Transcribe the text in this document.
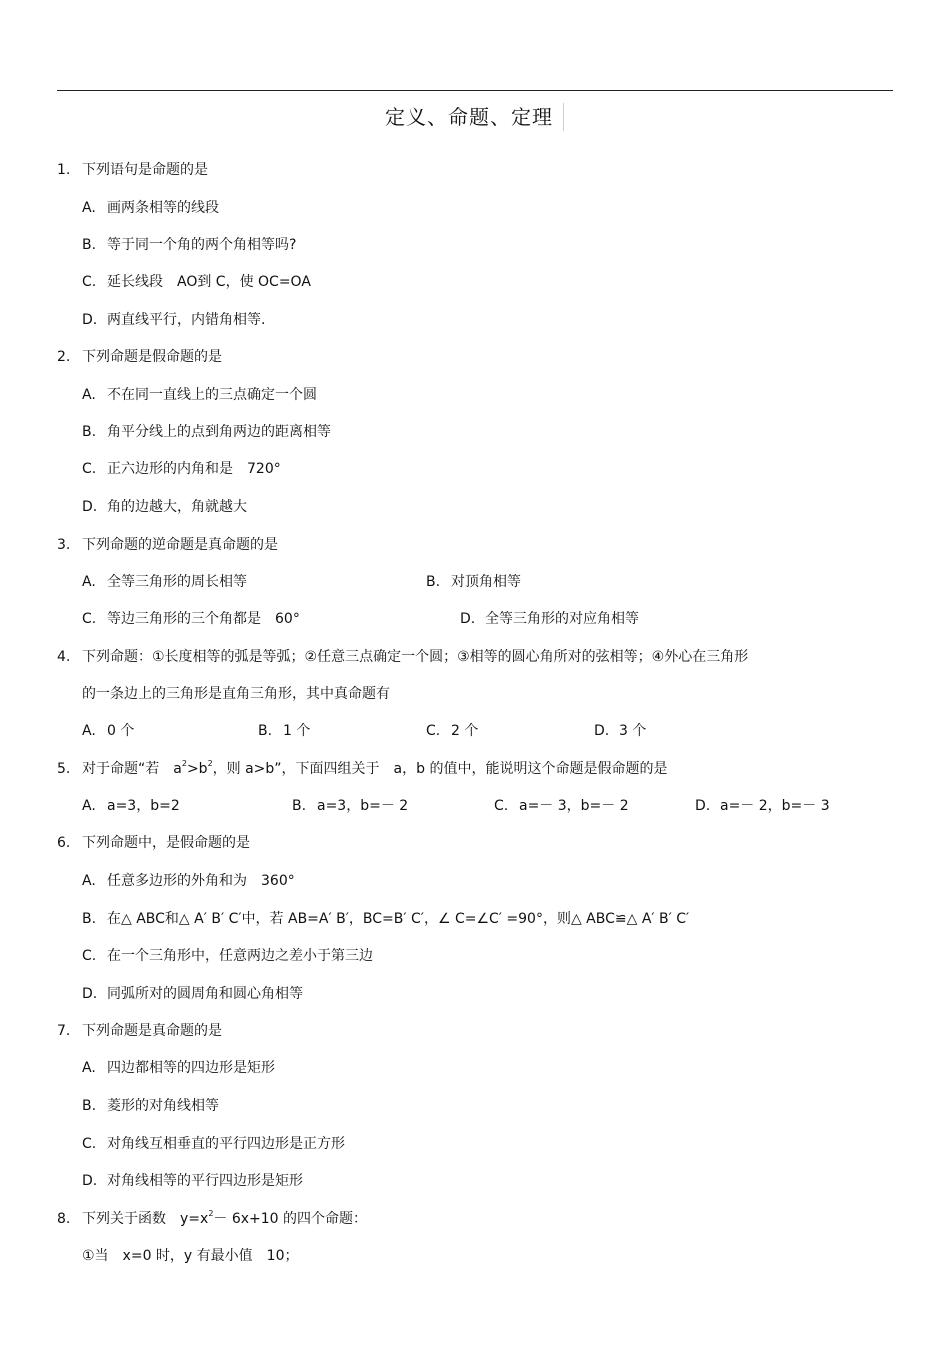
定义、命题、定理
1. 下列语句是命题的是
A. 画两条相等的线段
B. 等于同一个角的两个角相等吗?
C. 延长线段　AO到 C，使 OC=OA
D. 两直线平行，内错角相等.
2. 下列命题是假命题的是
A. 不在同一直线上的三点确定一个圆
B. 角平分线上的点到角两边的距离相等
C. 正六边形的内角和是　720°
D. 角的边越大，角就越大
3. 下列命题的逆命题是真命题的是
A. 全等三角形的周长相等	B. 对顶角相等
C. 等边三角形的三个角都是　60°	D. 全等三角形的对应角相等
4. 下列命题：①长度相等的弧是等弧；②任意三点确定一个圆；③相等的圆心角所对的弦相等；④外心在三角形
的一条边上的三角形是直角三角形，其中真命题有
A. 0 个	B. 1 个	C. 2 个	D. 3 个
5. 对于命题“若　$a^2>b^2$，则 a>b”，下面四组关于　a，b 的值中，能说明这个命题是假命题的是
A. a=3，b=2	B. a=3，b=－ 2	C. a=－ 3，b=－ 2	D. a=－ 2，b=－ 3
6. 下列命题中，是假命题的是
A. 任意多边形的外角和为　360°
B. 在△ ABC和△ A′ B′ C′中，若 AB=A′ B′，BC=B′ C′，∠ C=∠C′ =90°，则△ ABC≌△ A′ B′ C′
C. 在一个三角形中，任意两边之差小于第三边
D. 同弧所对的圆周角和圆心角相等
7. 下列命题是真命题的是
A. 四边都相等的四边形是矩形
B. 菱形的对角线相等
C. 对角线互相垂直的平行四边形是正方形
D. 对角线相等的平行四边形是矩形
8. 下列关于函数　$y=x^2- 6x+10$ 的四个命题：
①当　x=0 时，y 有最小值　10；
